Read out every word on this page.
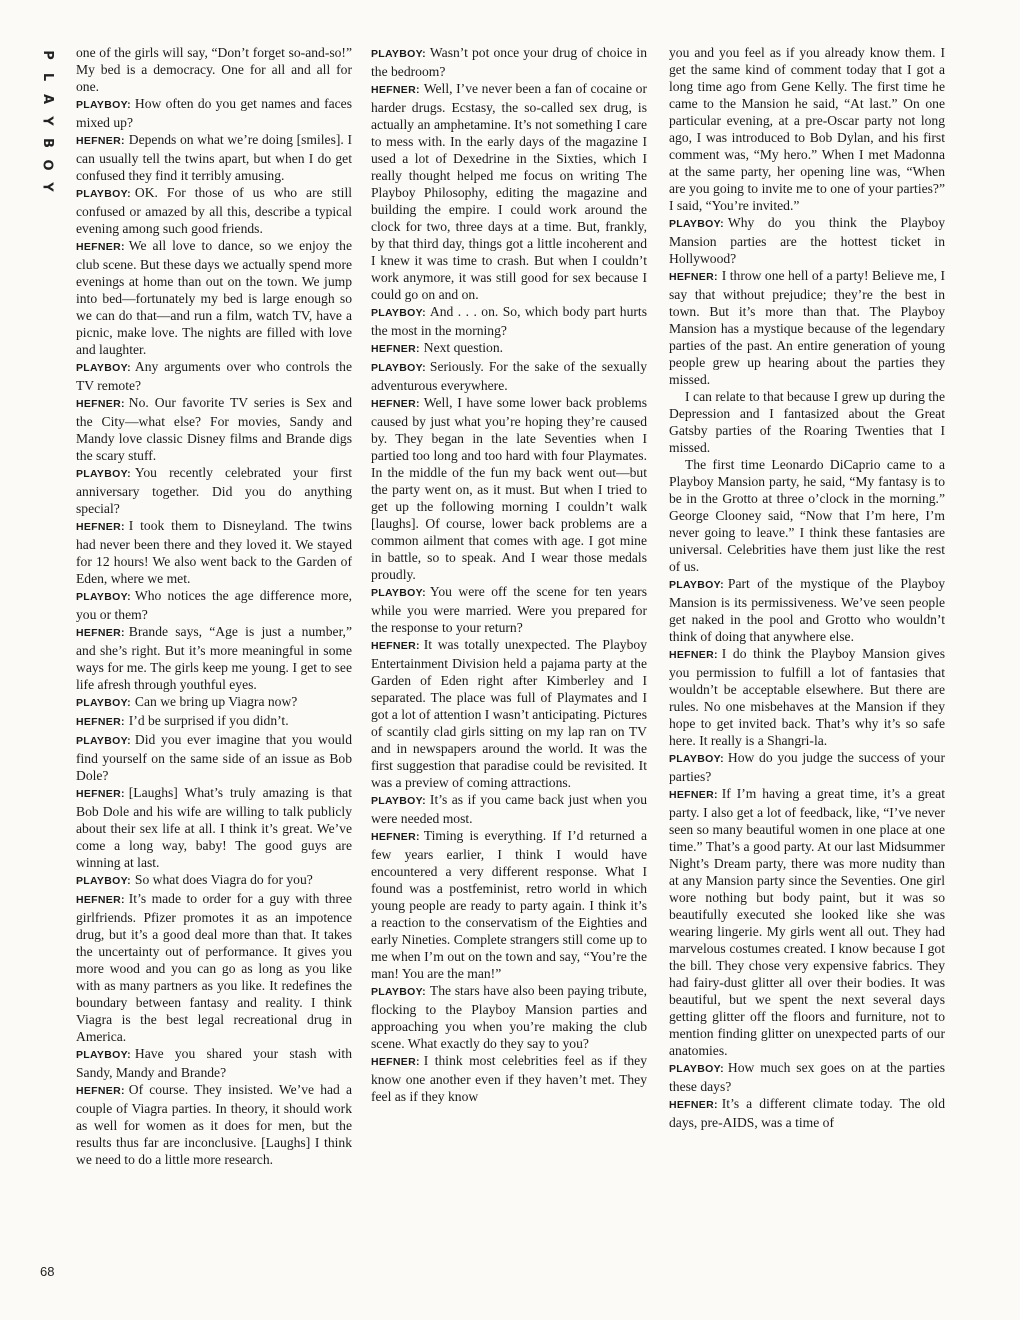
P
L
A
Y
B
O
Y

one of the girls will say, “Don’t forget so-and-so!” My bed is a democracy. One for all and all for one.

PLAYBOY: How often do you get names and faces mixed up?

HEFNER: Depends on what we’re doing [smiles]. I can usually tell the twins apart, but when I do get confused they find it terribly amusing.

PLAYBOY: OK. For those of us who are still confused or amazed by all this, describe a typical evening among such good friends.

HEFNER: We all love to dance, so we enjoy the club scene. But these days we actually spend more evenings at home than out on the town. We jump into bed—fortunately my bed is large enough so we can do that—and run a film, watch TV, have a picnic, make love. The nights are filled with love and laughter.

PLAYBOY: Any arguments over who controls the TV remote?

HEFNER: No. Our favorite TV series is Sex and the City—what else? For movies, Sandy and Mandy love classic Disney films and Brande digs the scary stuff.

PLAYBOY: You recently celebrated your first anniversary together. Did you do anything special?

HEFNER: I took them to Disneyland. The twins had never been there and they loved it. We stayed for 12 hours! We also went back to the Garden of Eden, where we met.

PLAYBOY: Who notices the age difference more, you or them?

HEFNER: Brande says, “Age is just a number,” and she’s right. But it’s more meaningful in some ways for me. The girls keep me young. I get to see life afresh through youthful eyes.

PLAYBOY: Can we bring up Viagra now?

HEFNER: I’d be surprised if you didn’t.

PLAYBOY: Did you ever imagine that you would find yourself on the same side of an issue as Bob Dole?

HEFNER: [Laughs] What’s truly amazing is that Bob Dole and his wife are willing to talk publicly about their sex life at all. I think it’s great. We’ve come a long way, baby! The good guys are winning at last.

PLAYBOY: So what does Viagra do for you?

HEFNER: It’s made to order for a guy with three girlfriends. Pfizer promotes it as an impotence drug, but it’s a good deal more than that. It takes the uncertainty out of performance. It gives you more wood and you can go as long as you like with as many partners as you like. It redefines the boundary between fantasy and reality. I think Viagra is the best legal recreational drug in America.

PLAYBOY: Have you shared your stash with Sandy, Mandy and Brande?

HEFNER: Of course. They insisted. We’ve had a couple of Viagra parties. In theory, it should work as well for women as it does for men, but the results thus far are inconclusive. [Laughs] I think we need to do a little more research.

PLAYBOY: Wasn’t pot once your drug of choice in the bedroom?

HEFNER: Well, I’ve never been a fan of cocaine or harder drugs. Ecstasy, the so-called sex drug, is actually an amphetamine. It’s not something I care to mess with. In the early days of the magazine I used a lot of Dexedrine in the Sixties, which I really thought helped me focus on writing The Playboy Philosophy, editing the magazine and building the empire. I could work around the clock for two, three days at a time. But, frankly, by that third day, things got a little incoherent and I knew it was time to crash. But when I couldn’t work anymore, it was still good for sex because I could go on and on.

PLAYBOY: And . . . on. So, which body part hurts the most in the morning?

HEFNER: Next question.

PLAYBOY: Seriously. For the sake of the sexually adventurous everywhere.

HEFNER: Well, I have some lower back problems caused by just what you’re hoping they’re caused by. They began in the late Seventies when I partied too long and too hard with four Playmates. In the middle of the fun my back went out—but the party went on, as it must. But when I tried to get up the following morning I couldn’t walk [laughs]. Of course, lower back problems are a common ailment that comes with age. I got mine in battle, so to speak. And I wear those medals proudly.

PLAYBOY: You were off the scene for ten years while you were married. Were you prepared for the response to your return?

HEFNER: It was totally unexpected. The Playboy Entertainment Division held a pajama party at the Garden of Eden right after Kimberley and I separated. The place was full of Playmates and I got a lot of attention I wasn’t anticipating. Pictures of scantily clad girls sitting on my lap ran on TV and in newspapers around the world. It was the first suggestion that paradise could be revisited. It was a preview of coming attractions.

PLAYBOY: It’s as if you came back just when you were needed most.

HEFNER: Timing is everything. If I’d returned a few years earlier, I think I would have encountered a very different response. What I found was a postfeminist, retro world in which young people are ready to party again. I think it’s a reaction to the conservatism of the Eighties and early Nineties. Complete strangers still come up to me when I’m out on the town and say, “You’re the man! You are the man!”

PLAYBOY: The stars have also been paying tribute, flocking to the Playboy Mansion parties and approaching you when you’re making the club scene. What exactly do they say to you?

HEFNER: I think most celebrities feel as if they know one another even if they haven’t met. They feel as if they know

you and you feel as if you already know them. I get the same kind of comment today that I got a long time ago from Gene Kelly. The first time he came to the Mansion he said, “At last.” On one particular evening, at a pre-Oscar party not long ago, I was introduced to Bob Dylan, and his first comment was, “My hero.” When I met Madonna at the same party, her opening line was, “When are you going to invite me to one of your parties?” I said, “You’re invited.”

PLAYBOY: Why do you think the Playboy Mansion parties are the hottest ticket in Hollywood?

HEFNER: I throw one hell of a party! Believe me, I say that without prejudice; they’re the best in town. But it’s more than that. The Playboy Mansion has a mystique because of the legendary parties of the past. An entire generation of young people grew up hearing about the parties they missed.

I can relate to that because I grew up during the Depression and I fantasized about the Great Gatsby parties of the Roaring Twenties that I missed.

The first time Leonardo DiCaprio came to a Playboy Mansion party, he said, “My fantasy is to be in the Grotto at three o’clock in the morning.” George Clooney said, “Now that I’m here, I’m never going to leave.” I think these fantasies are universal. Celebrities have them just like the rest of us.

PLAYBOY: Part of the mystique of the Playboy Mansion is its permissiveness. We’ve seen people get naked in the pool and Grotto who wouldn’t think of doing that anywhere else.

HEFNER: I do think the Playboy Mansion gives you permission to fulfill a lot of fantasies that wouldn’t be acceptable elsewhere. But there are rules. No one misbehaves at the Mansion if they hope to get invited back. That’s why it’s so safe here. It really is a Shangri-la.

PLAYBOY: How do you judge the success of your parties?

HEFNER: If I’m having a great time, it’s a great party. I also get a lot of feedback, like, “I’ve never seen so many beautiful women in one place at one time.” That’s a good party. At our last Midsummer Night’s Dream party, there was more nudity than at any Mansion party since the Seventies. One girl wore nothing but body paint, but it was so beautifully executed she looked like she was wearing lingerie. My girls went all out. They had marvelous costumes created. I know because I got the bill. They chose very expensive fabrics. They had fairy-dust glitter all over their bodies. It was beautiful, but we spent the next several days getting glitter off the floors and furniture, not to mention finding glitter on unexpected parts of our anatomies.

PLAYBOY: How much sex goes on at the parties these days?

HEFNER: It’s a different climate today. The old days, pre-AIDS, was a time of

68
